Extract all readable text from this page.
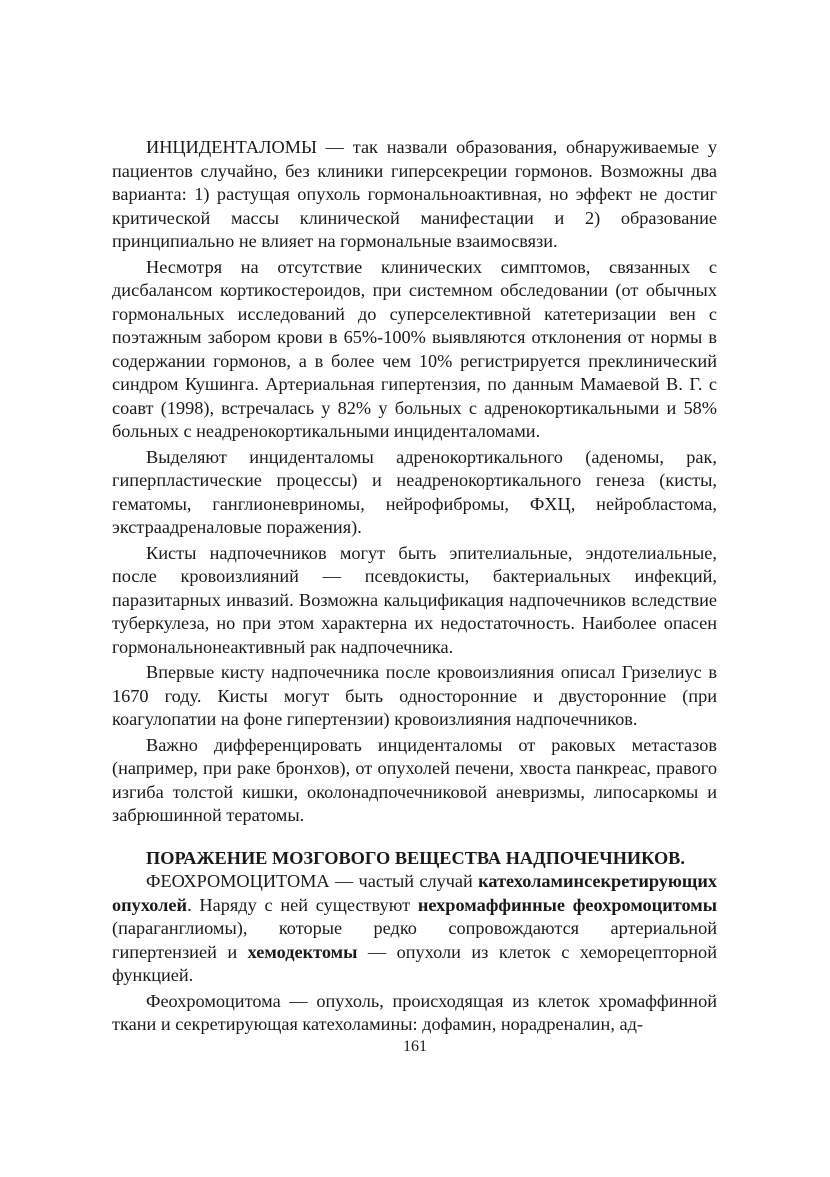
ИНЦИДЕНТАЛОМЫ — так назвали образования, обнаруживаемые у пациентов случайно, без клиники гиперсекреции гормонов. Возможны два варианта: 1) растущая опухоль гормональноактивная, но эффект не достиг критической массы клинической манифестации и 2) образование принципиально не влияет на гормональные взаимосвязи.

Несмотря на отсутствие клинических симптомов, связанных с дисбалансом кортикостероидов, при системном обследовании (от обычных гормональных исследований до суперселективной катетеризации вен с поэтажным забором крови в 65%-100% выявляются отклонения от нормы в содержании гормонов, а в более чем 10% регистрируется преклинический синдром Кушинга. Артериальная гипертензия, по данным Мамаевой В. Г. с соавт (1998), встречалась у 82% у больных с адренокортикальными и 58% больных с неадренокортикальными инциденталомами.

Выделяют инциденталомы адренокортикального (аденомы, рак, гиперпластические процессы) и неадренокортикального генеза (кисты, гематомы, ганглионевриномы, нейрофибромы, ФХЦ, нейробластома, экстраадреналовые поражения).

Кисты надпочечников могут быть эпителиальные, эндотелиальные, после кровоизлияний — псевдокисты, бактериальных инфекций, паразитарных инвазий. Возможна кальцификация надпочечников вследствие туберкулеза, но при этом характерна их недостаточность. Наиболее опасен гормональнонеактивный рак надпочечника.

Впервые кисту надпочечника после кровоизлияния описал Гризелиус в 1670 году. Кисты могут быть односторонние и двусторонние (при коагулопатии на фоне гипертензии) кровоизлияния надпочечников.

Важно дифференцировать инциденталомы от раковых метастазов (например, при раке бронхов), от опухолей печени, хвоста панкреас, правого изгиба толстой кишки, околонадпочечниковой аневризмы, липосаркомы и забрюшинной тератомы.

ПОРАЖЕНИЕ МОЗГОВОГО ВЕЩЕСТВА НАДПОЧЕЧНИКОВ.

ФЕОХРОМОЦИТОМА — частый случай катехоламинсекретирующих опухолей. Наряду с ней существуют нехромаффинные феохромоцитомы (параганглиомы), которые редко сопровождаются артериальной гипертензией и хемодектомы — опухоли из клеток с хеморецепторной функцией.

Феохромоцитома — опухоль, происходящая из клеток хромаффинной ткани и секретирующая катехоламины: дофамин, норадреналин, ад-

161
